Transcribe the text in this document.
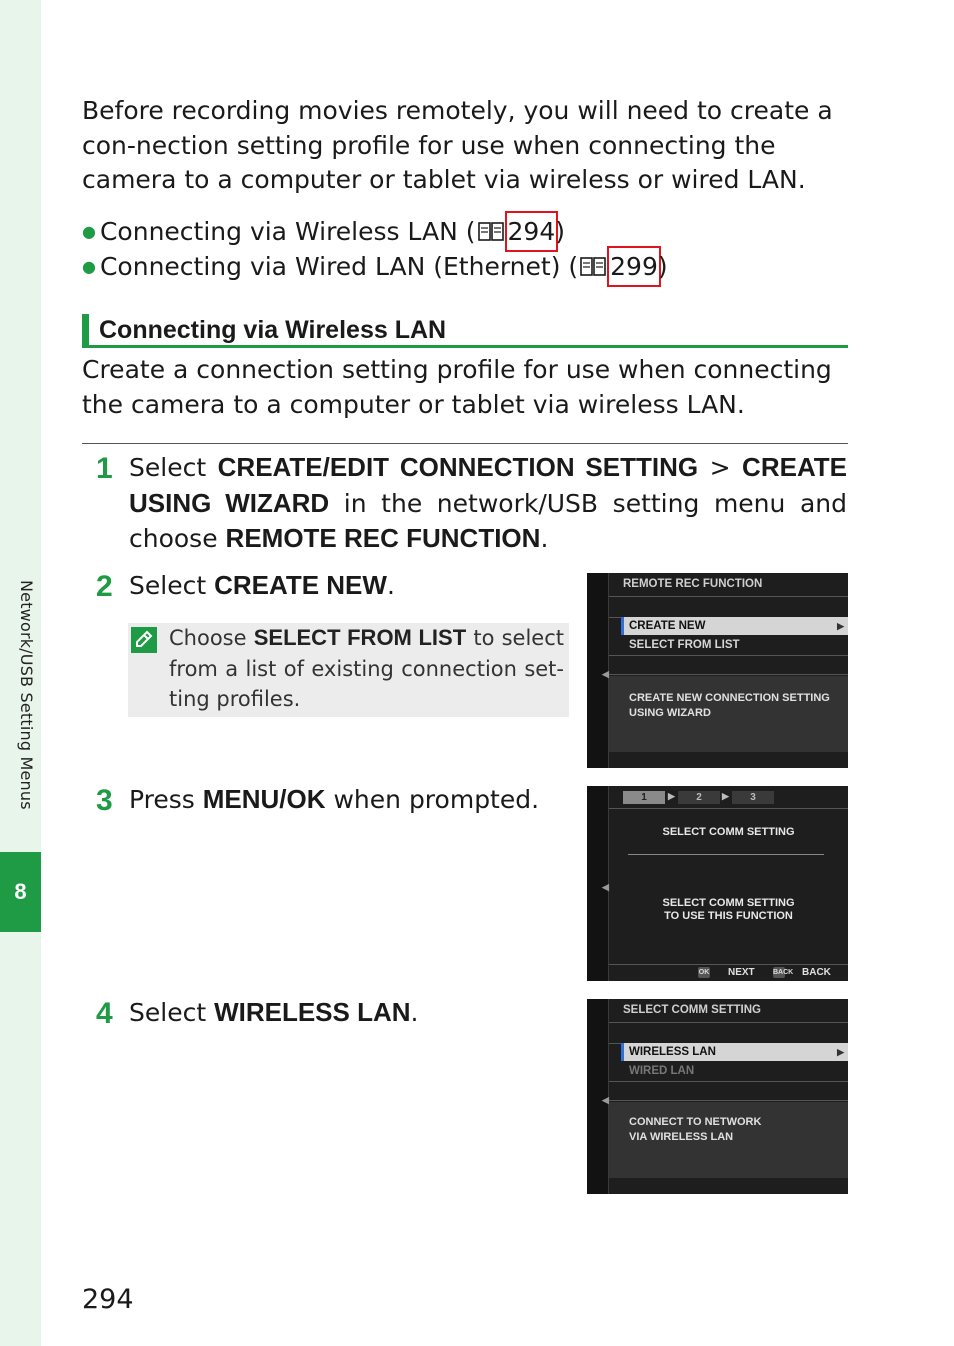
Network/USB Setting Menus
8

Before recording movies remotely, you will need to create a con-nection setting profile for use when connecting the camera to a computer or tablet via wireless or wired LAN.

● Connecting via Wireless LAN ( 294)
● Connecting via Wired LAN (Ethernet) ( 299)
Connecting via Wireless LAN

Create a connection setting profile for use when connecting the camera to a computer or tablet via wireless LAN.

1 Select CREATE/EDIT CONNECTION SETTING > CREATE USING WIZARD in the network/USB setting menu and choose REMOTE REC FUNCTION.

2 Select CREATE NEW.

Choose SELECT FROM LIST to select from a list of existing connection set-ting profiles.

◀
REMOTE REC FUNCTION
CREATE NEW	▶
SELECT FROM LIST
CREATE NEW CONNECTION SETTING
USING WIZARD
3 Press MENU/OK when prompted.

◀
1	▶	2	▶	3
SELECT COMM SETTING
SELECT COMM SETTING
TO USE THIS FUNCTION
OK NEXT	BACK BACK
4 Select WIRELESS LAN.

◀
SELECT COMM SETTING
WIRELESS LAN	▶
WIRED LAN
CONNECT TO NETWORK
VIA WIRELESS LAN
294
